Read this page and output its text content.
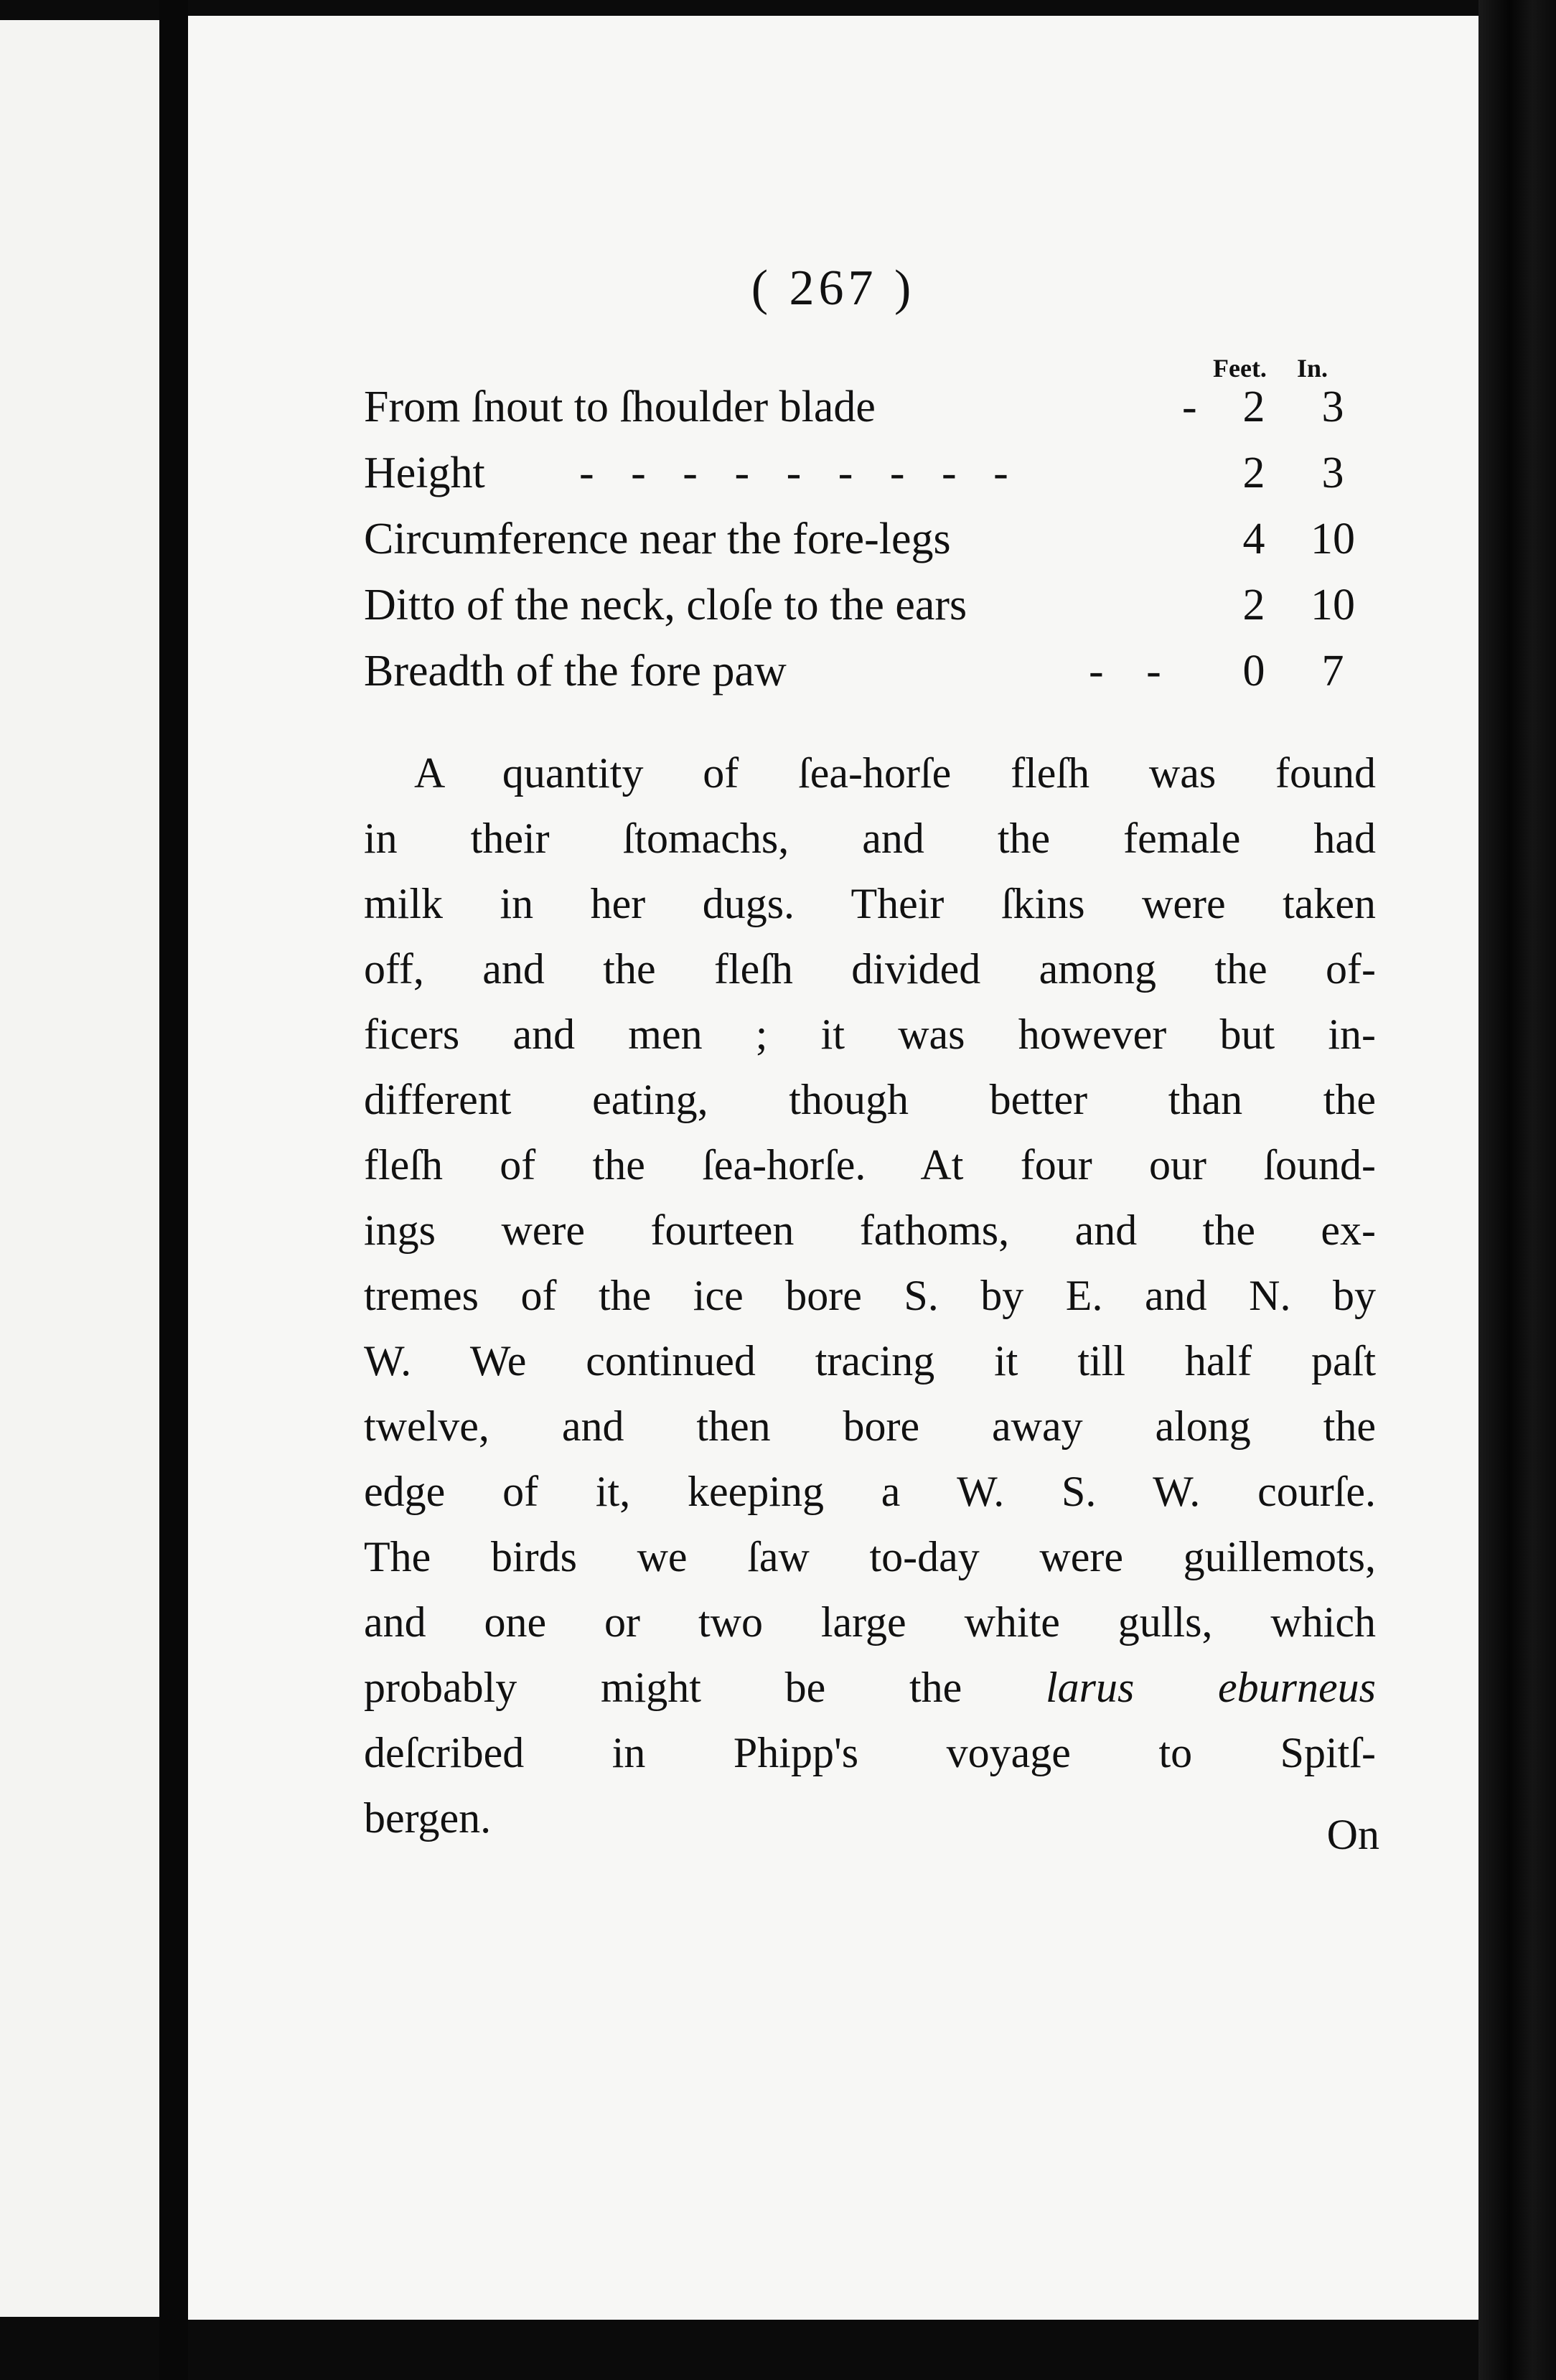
( 267 )
Feet. In.
From ſnout to ſhoulder blade	- 2	3
Height - - - - - - - - -	2	3
Circumference near the fore-legs	4 10
Ditto of the neck, cloſe to the ears	2 10
Breadth of the fore paw	- - 0	7
A quantity of ſea-horſe fleſh was found
in their ſtomachs, and the female had
milk in her dugs. Their ſkins were taken
off, and the fleſh divided among the of-
ficers and men ; it was however but in-
different eating, though better than the
fleſh of the ſea-horſe. At four our ſound-
ings were fourteen fathoms, and the ex-
tremes of the ice bore S. by E. and N. by
W. We continued tracing it till half paſt
twelve, and then bore away along the
edge of it, keeping a W. S. W. courſe.
The birds we ſaw to-day were guillemots,
and one or two large white gulls, which
probably might be the larus eburneus
deſcribed in Phipp's voyage to Spitſ-
bergen.	On
